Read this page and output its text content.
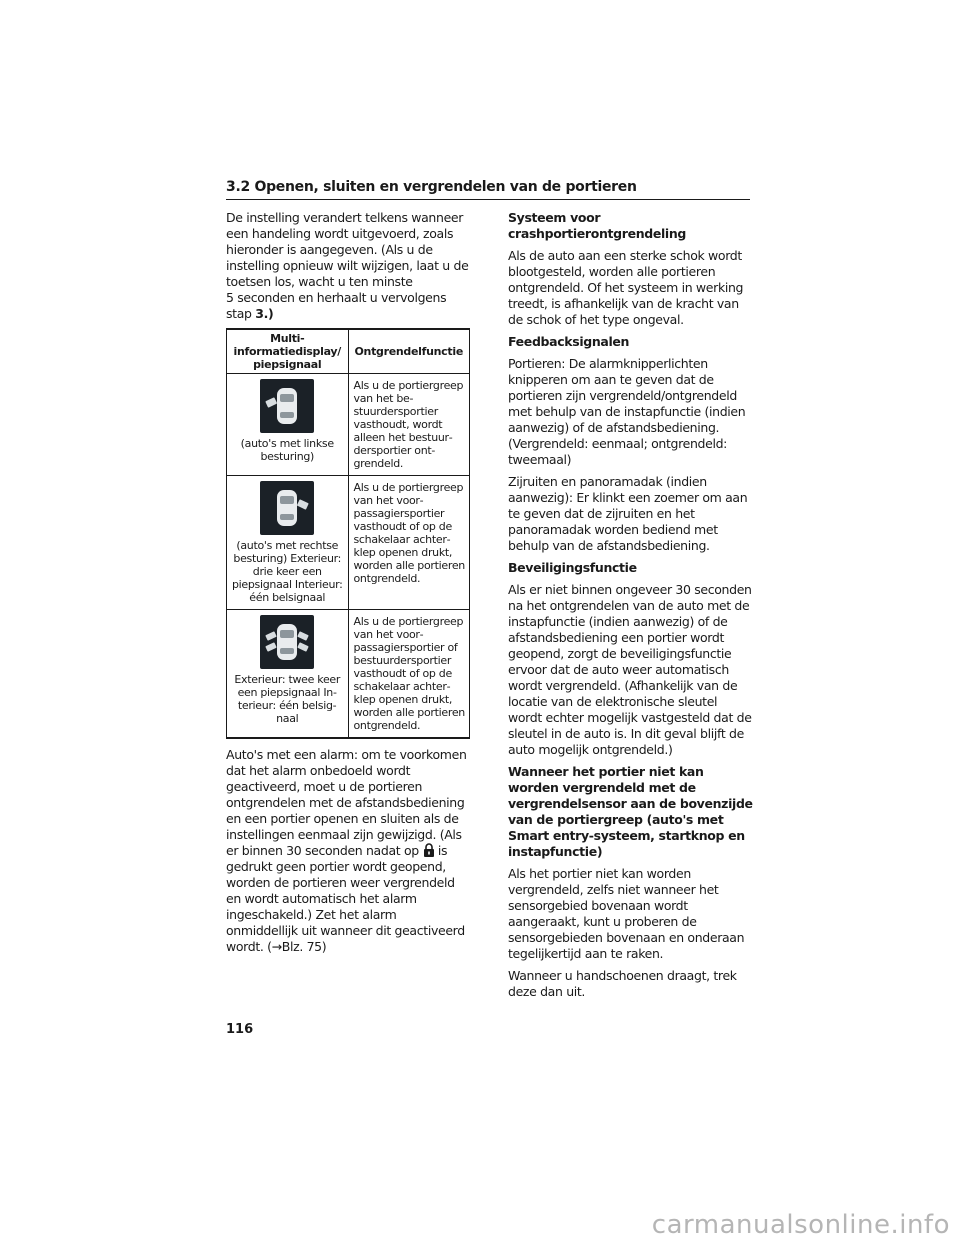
3.2 Openen, sluiten en vergrendelen van de portieren

De instelling verandert telkens wanneer een handeling wordt uitgevoerd, zoals hieronder is aangegeven. (Als u de instelling opnieuw wilt wijzigen, laat u de toetsen los, wacht u ten minste
5 seconden en herhaalt u vervolgens stap 3.)

Multi-informatiedisplay/ piepsignaal	Ontgrendelfunctie

(auto's met linkse besturing)	Als u de portiergreep van het bestuurdersportier vasthoudt, wordt alleen het bestuurdersportier ontgrendeld.

(auto's met rechtse besturing) Exterieur: drie keer een piepsignaal Interieur: één belsignaal	Als u de portiergreep van het voorpassagiersportier vasthoudt of op de schakelaar achterklep openen drukt, worden alle portieren ontgrendeld.

Exterieur: twee keer een piepsignaal Interieur: één belsignaal	Als u de portiergreep van het voorpassagiersportier of bestuurdersportier vasthoudt of op de schakelaar achterklep openen drukt, worden alle portieren ontgrendeld.

Auto's met een alarm: om te voorkomen dat het alarm onbedoeld wordt geactiveerd, moet u de portieren ontgrendelen met de afstandsbediening en een portier openen en sluiten als de instellingen eenmaal zijn gewijzigd. (Als er binnen 30 seconden nadat op is gedrukt geen portier wordt geopend, worden de portieren weer vergrendeld en wordt automatisch het alarm ingeschakeld.) Zet het alarm onmiddellijk uit wanneer dit geactiveerd wordt. (→Blz. 75)

Systeem voor crashportierontgrendeling

Als de auto aan een sterke schok wordt blootgesteld, worden alle portieren ontgrendeld. Of het systeem in werking treedt, is afhankelijk van de kracht van de schok of het type ongeval.

Feedbacksignalen

Portieren: De alarmknipperlichten knipperen om aan te geven dat de portieren zijn vergrendeld/ontgrendeld met behulp van de instapfunctie (indien aanwezig) of de afstandsbediening. (Vergrendeld: eenmaal; ontgrendeld: tweemaal)

Zijruiten en panoramadak (indien aanwezig): Er klinkt een zoemer om aan te geven dat de zijruiten en het panoramadak worden bediend met behulp van de afstandsbediening.

Beveiligingsfunctie

Als er niet binnen ongeveer 30 seconden na het ontgrendelen van de auto met de instapfunctie (indien aanwezig) of de afstandsbediening een portier wordt geopend, zorgt de beveiligingsfunctie ervoor dat de auto weer automatisch wordt vergrendeld. (Afhankelijk van de locatie van de elektronische sleutel wordt echter mogelijk vastgesteld dat de sleutel in de auto is. In dit geval blijft de auto mogelijk ontgrendeld.)

Wanneer het portier niet kan worden vergrendeld met de vergrendelsensor aan de bovenzijde van de portiergreep (auto's met Smart entry-systeem, startknop en instapfunctie)

Als het portier niet kan worden vergrendeld, zelfs niet wanneer het sensorgebied bovenaan wordt aangeraakt, kunt u proberen de sensorgebieden bovenaan en onderaan tegelijkertijd aan te raken.

Wanneer u handschoenen draagt, trek deze dan uit.

116
carmanualsonline.info
